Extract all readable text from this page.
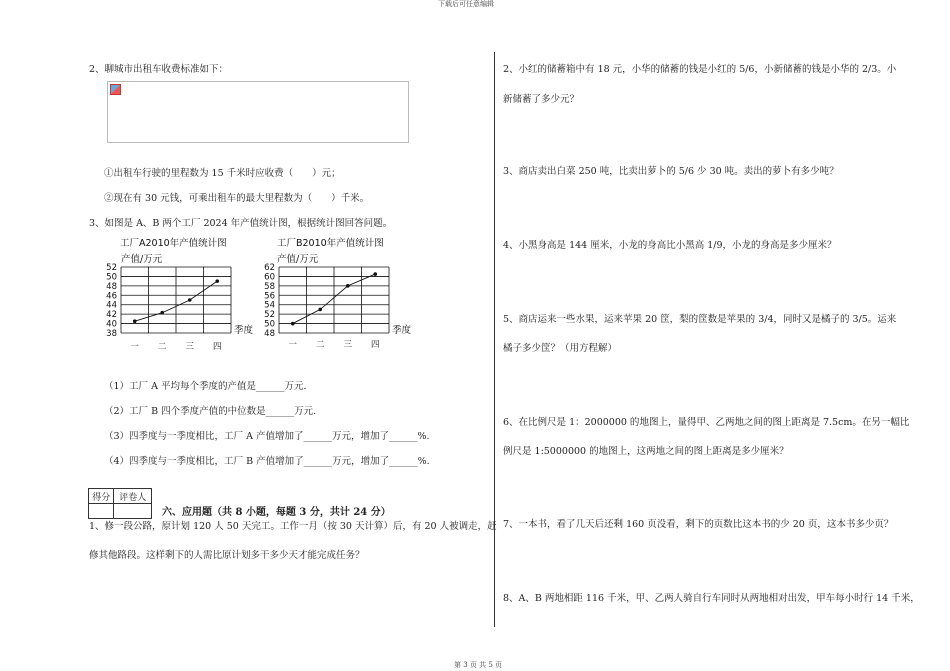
下载后可任意编辑
2、聊城市出租车收费标准如下：
①出租车行驶的里程数为 15 千米时应收费（　　）元；
②现在有 30 元钱，可乘出租车的最大里程数为（　　）千米。
3、如图是 A、B 两个工厂 2024 年产值统计图，根据统计图回答问题。
工厂A2010年产值统计图
产值/万元
38
40
42
44
46
48
50
52
一 二 三 四
季度
工厂B2010年产值统计图
产值/万元
48
50
52
54
56
58
60
62
一 二 三 四
季度
（1）工厂 A 平均每个季度的产值是______万元.
（2）工厂 B 四个季度产值的中位数是______万元.
（3）四季度与一季度相比，工厂 A 产值增加了______万元，增加了______%.
（4）四季度与一季度相比，工厂 B 产值增加了______万元，增加了______%.
得分	评卷人

六、应用题（共 8 小题，每题 3 分，共计 24 分）
1、修一段公路，原计划 120 人 50 天完工。工作一月（按 30 天计算）后，有 20 人被调走，赶
修其他路段。这样剩下的人需比原计划多干多少天才能完成任务？
2、小红的储蓄箱中有 18 元，小华的储蓄的钱是小红的 5/6，小新储蓄的钱是小华的 2/3。小
新储蓄了多少元？
3、商店卖出白菜 250 吨，比卖出萝卜的 5/6 少 30 吨。卖出的萝卜有多少吨？
4、小黑身高是 144 厘米，小龙的身高比小黑高 1/9，小龙的身高是多少厘米？
5、商店运来一些水果，运来苹果 20 筐，梨的筐数是苹果的 3/4，同时又是橘子的 3/5。运来
橘子多少筐？（用方程解）
6、在比例尺是 1：2000000 的地图上，量得甲、乙两地之间的图上距离是 7.5cm。在另一幅比
例尺是 1:5000000 的地图上，这两地之间的图上距离是多少厘米？
7、一本书，看了几天后还剩 160 页没看，剩下的页数比这本书的少 20 页，这本书多少页？
8、A、B 两地相距 116 千米，甲、乙两人骑自行车同时从两地相对出发，甲车每小时行 14 千米，
第 3 页 共 5 页
